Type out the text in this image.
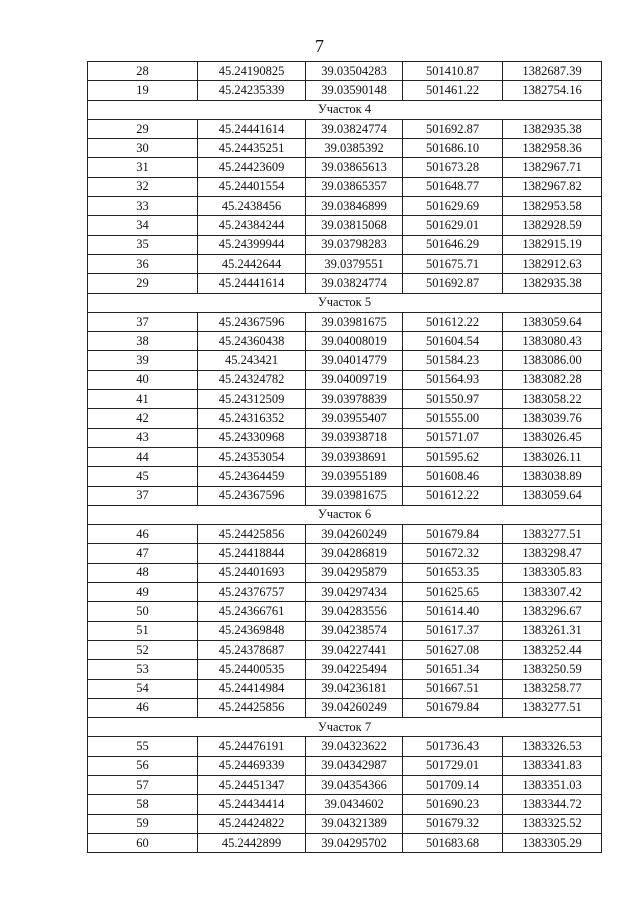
7
28	45.24190825	39.03504283	501410.87	1382687.39
19	45.24235339	39.03590148	501461.22	1382754.16
Участок 4				
29	45.24441614	39.03824774	501692.87	1382935.38
30	45.24435251	39.0385392	501686.10	1382958.36
31	45.24423609	39.03865613	501673.28	1382967.71
32	45.24401554	39.03865357	501648.77	1382967.82
33	45.2438456	39.03846899	501629.69	1382953.58
34	45.24384244	39.03815068	501629.01	1382928.59
35	45.24399944	39.03798283	501646.29	1382915.19
36	45.2442644	39.0379551	501675.71	1382912.63
29	45.24441614	39.03824774	501692.87	1382935.38
Участок 5				
37	45.24367596	39.03981675	501612.22	1383059.64
38	45.24360438	39.04008019	501604.54	1383080.43
39	45.243421	39.04014779	501584.23	1383086.00
40	45.24324782	39.04009719	501564.93	1383082.28
41	45.24312509	39.03978839	501550.97	1383058.22
42	45.24316352	39.03955407	501555.00	1383039.76
43	45.24330968	39.03938718	501571.07	1383026.45
44	45.24353054	39.03938691	501595.62	1383026.11
45	45.24364459	39.03955189	501608.46	1383038.89
37	45.24367596	39.03981675	501612.22	1383059.64
Участок 6				
46	45.24425856	39.04260249	501679.84	1383277.51
47	45.24418844	39.04286819	501672.32	1383298.47
48	45.24401693	39.04295879	501653.35	1383305.83
49	45.24376757	39.04297434	501625.65	1383307.42
50	45.24366761	39.04283556	501614.40	1383296.67
51	45.24369848	39.04238574	501617.37	1383261.31
52	45.24378687	39.04227441	501627.08	1383252.44
53	45.24400535	39.04225494	501651.34	1383250.59
54	45.24414984	39.04236181	501667.51	1383258.77
46	45.24425856	39.04260249	501679.84	1383277.51
Участок 7				
55	45.24476191	39.04323622	501736.43	1383326.53
56	45.24469339	39.04342987	501729.01	1383341.83
57	45.24451347	39.04354366	501709.14	1383351.03
58	45.24434414	39.0434602	501690.23	1383344.72
59	45.24424822	39.04321389	501679.32	1383325.52
60	45.2442899	39.04295702	501683.68	1383305.29
